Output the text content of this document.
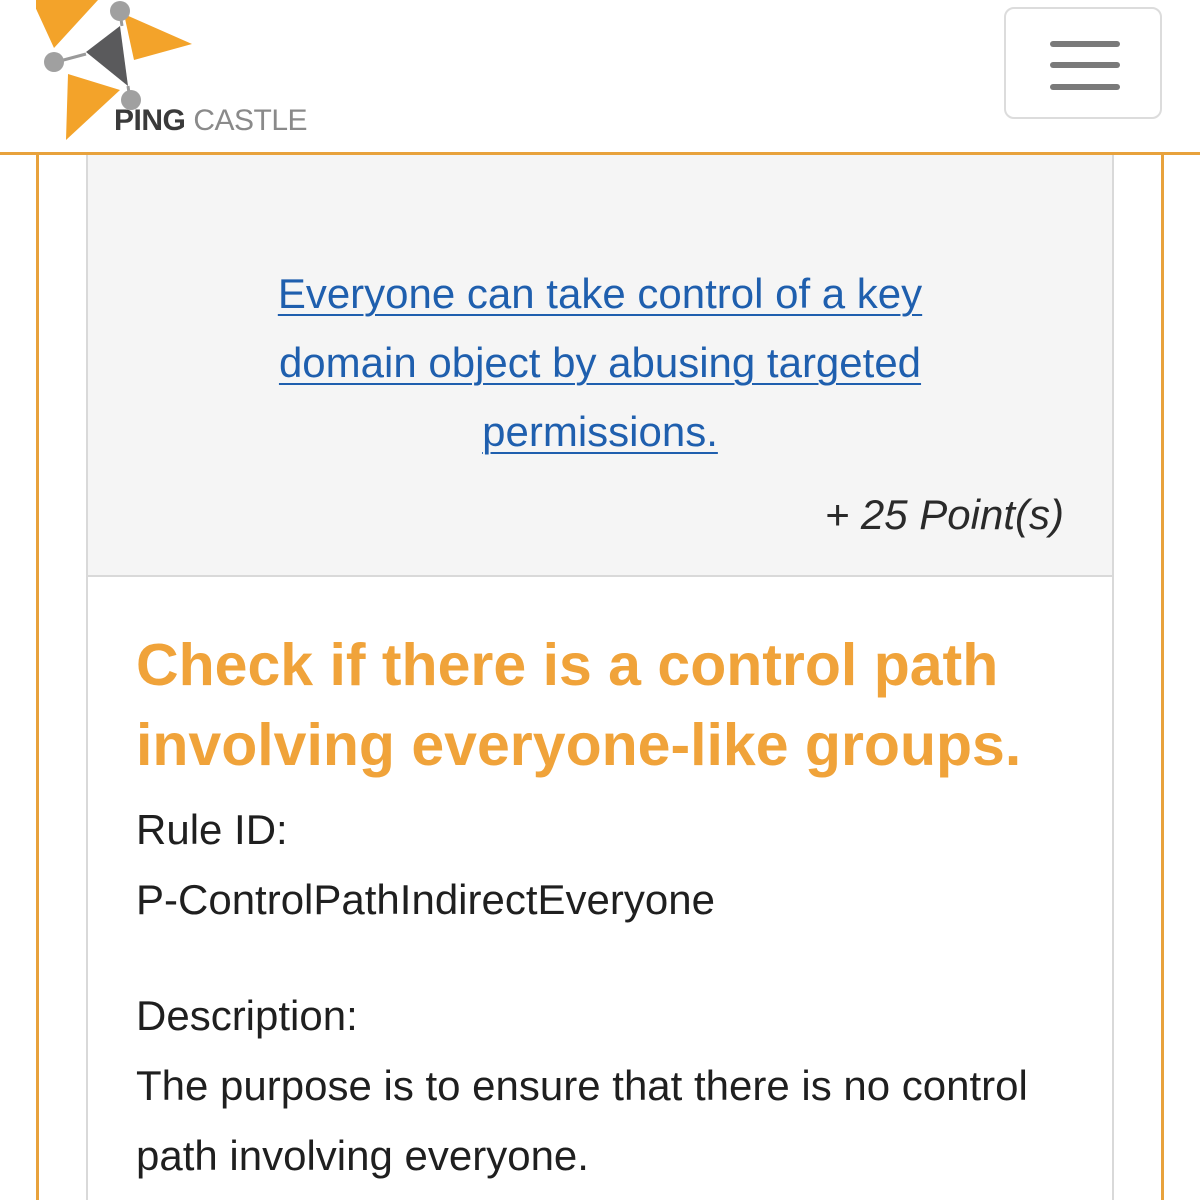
PING CASTLE
Everyone can take control of a key domain object by abusing targeted permissions.
+ 25 Point(s)
Check if there is a control path involving everyone-like groups.
Rule ID:
P-ControlPathIndirectEveryone
Description:
The purpose is to ensure that there is no control path involving everyone.
